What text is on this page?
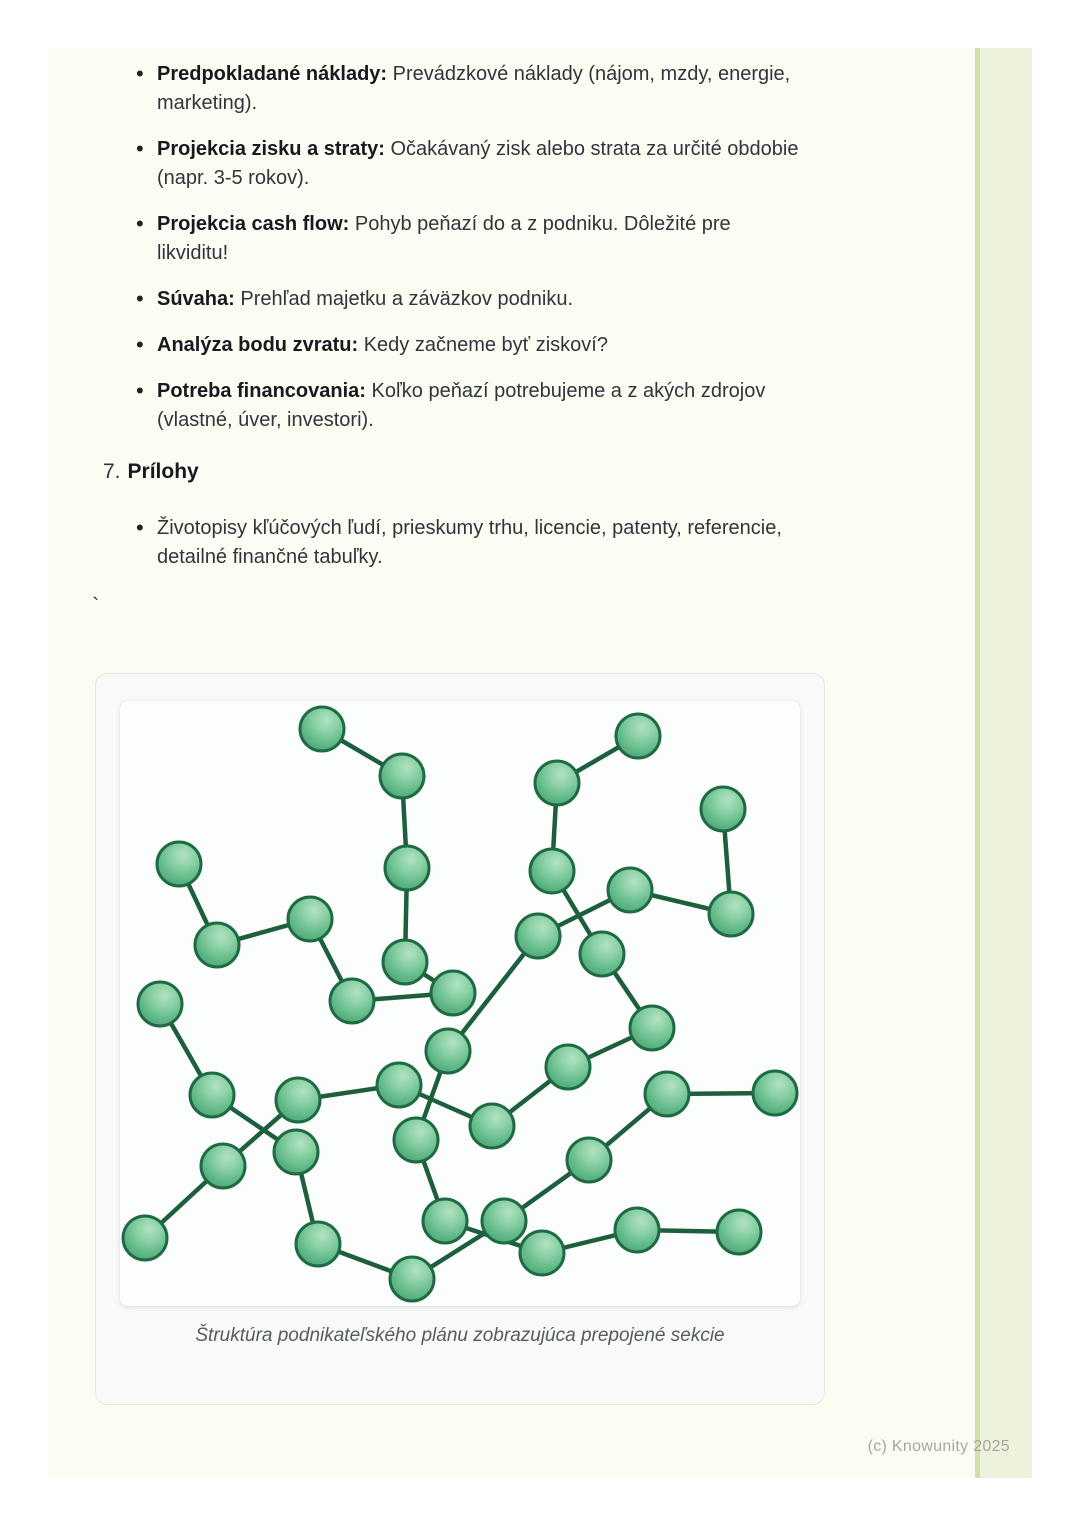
• Predpokladané náklady: Prevádzkové náklady (nájom, mzdy, energie,
marketing).
• Projekcia zisku a straty: Očakávaný zisk alebo strata za určité obdobie
(napr. 3-5 rokov).
• Projekcia cash flow: Pohyb peňazí do a z podniku. Dôležité pre
likviditu!
• Súvaha: Prehľad majetku a záväzkov podniku.
• Analýza bodu zvratu: Kedy začneme byť ziskoví?
• Potreba financovania: Koľko peňazí potrebujeme a z akých zdrojov
(vlastné, úver, investori).
7. Prílohy
• Životopisy kľúčových ľudí, prieskumy trhu, licencie, patenty, referencie,
detailné finančné tabuľky.
`
Štruktúra podnikateľského plánu zobrazujúca prepojené sekcie
(c) Knowunity 2025
